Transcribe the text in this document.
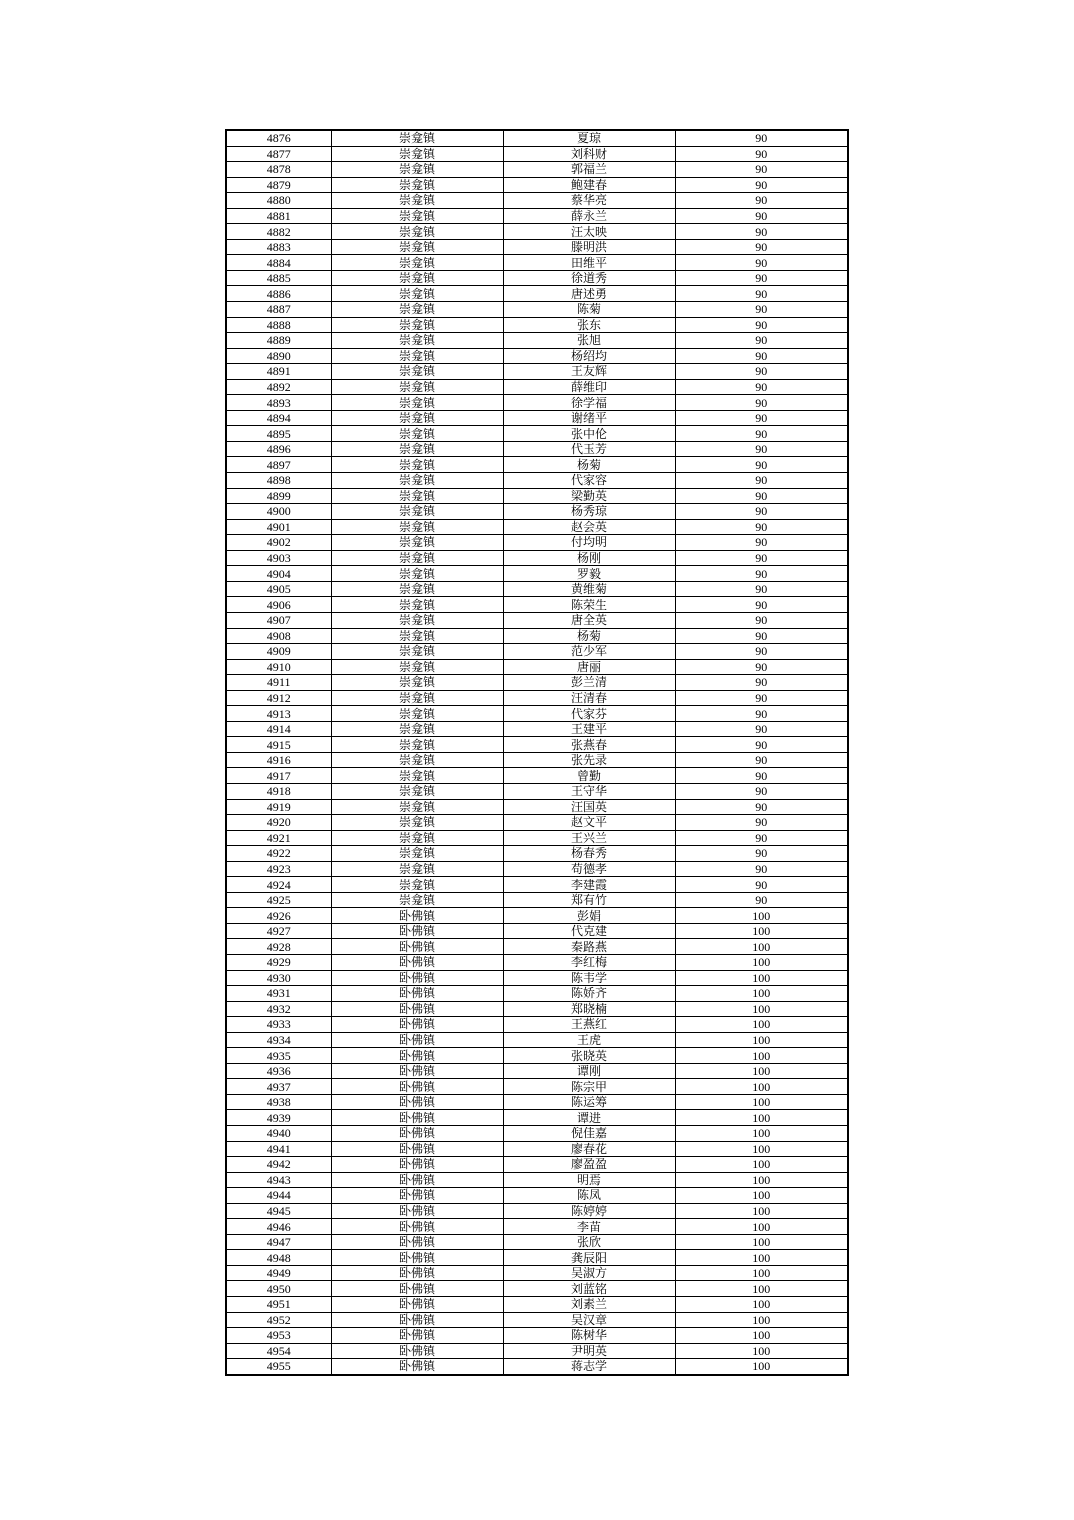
4876	崇龛镇	夏琼	90
4877	崇龛镇	刘科财	90
4878	崇龛镇	郭福兰	90
4879	崇龛镇	鲍建春	90
4880	崇龛镇	蔡华亮	90
4881	崇龛镇	薛永兰	90
4882	崇龛镇	汪太映	90
4883	崇龛镇	滕明洪	90
4884	崇龛镇	田维平	90
4885	崇龛镇	徐道秀	90
4886	崇龛镇	唐述勇	90
4887	崇龛镇	陈菊	90
4888	崇龛镇	张东	90
4889	崇龛镇	张旭	90
4890	崇龛镇	杨绍均	90
4891	崇龛镇	王友辉	90
4892	崇龛镇	薛维印	90
4893	崇龛镇	徐学福	90
4894	崇龛镇	谢绪平	90
4895	崇龛镇	张中伦	90
4896	崇龛镇	代玉芳	90
4897	崇龛镇	杨菊	90
4898	崇龛镇	代家容	90
4899	崇龛镇	梁勤英	90
4900	崇龛镇	杨秀琼	90
4901	崇龛镇	赵会英	90
4902	崇龛镇	付均明	90
4903	崇龛镇	杨刚	90
4904	崇龛镇	罗毅	90
4905	崇龛镇	黄维菊	90
4906	崇龛镇	陈荣生	90
4907	崇龛镇	唐全英	90
4908	崇龛镇	杨菊	90
4909	崇龛镇	范少军	90
4910	崇龛镇	唐丽	90
4911	崇龛镇	彭兰清	90
4912	崇龛镇	汪清春	90
4913	崇龛镇	代家芬	90
4914	崇龛镇	王建平	90
4915	崇龛镇	张燕春	90
4916	崇龛镇	张先录	90
4917	崇龛镇	曾勤	90
4918	崇龛镇	王守华	90
4919	崇龛镇	汪国英	90
4920	崇龛镇	赵文平	90
4921	崇龛镇	王兴兰	90
4922	崇龛镇	杨春秀	90
4923	崇龛镇	苟德孝	90
4924	崇龛镇	李建霞	90
4925	崇龛镇	郑有竹	90
4926	卧佛镇	彭娟	100
4927	卧佛镇	代克建	100
4928	卧佛镇	秦路燕	100
4929	卧佛镇	李红梅	100
4930	卧佛镇	陈韦学	100
4931	卧佛镇	陈娇齐	100
4932	卧佛镇	郑晓楠	100
4933	卧佛镇	王燕红	100
4934	卧佛镇	王虎	100
4935	卧佛镇	张晓英	100
4936	卧佛镇	谭刚	100
4937	卧佛镇	陈宗甲	100
4938	卧佛镇	陈运筹	100
4939	卧佛镇	谭进	100
4940	卧佛镇	倪佳嘉	100
4941	卧佛镇	廖春花	100
4942	卧佛镇	廖盈盈	100
4943	卧佛镇	明焉	100
4944	卧佛镇	陈凤	100
4945	卧佛镇	陈婷婷	100
4946	卧佛镇	李苗	100
4947	卧佛镇	张欣	100
4948	卧佛镇	龚辰阳	100
4949	卧佛镇	吴淑方	100
4950	卧佛镇	刘蓝铭	100
4951	卧佛镇	刘素兰	100
4952	卧佛镇	吴汉章	100
4953	卧佛镇	陈树华	100
4954	卧佛镇	尹明英	100
4955	卧佛镇	蒋志学	100
